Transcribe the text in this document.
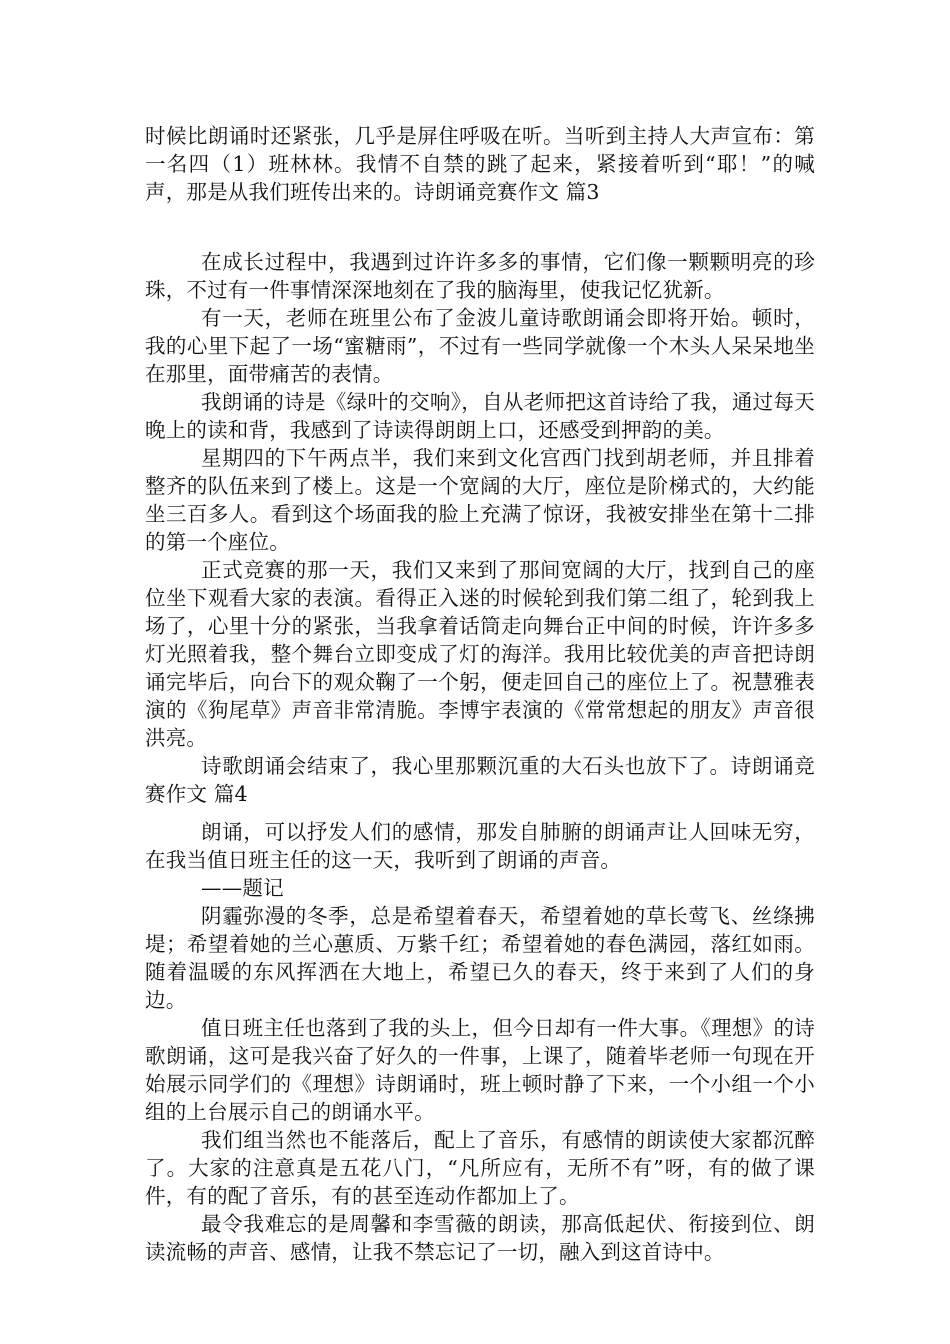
时候比朗诵时还紧张，几乎是屏住呼吸在听。当听到主持人大声宣布：第一名四（1）班林林。我情不自禁的跳了起来，紧接着听到“耶！”的喊声，那是从我们班传出来的。诗朗诵竞赛作文 篇3

在成长过程中，我遇到过许许多多的事情，它们像一颗颗明亮的珍珠，不过有一件事情深深地刻在了我的脑海里，使我记忆犹新。

有一天，老师在班里公布了金波儿童诗歌朗诵会即将开始。顿时，我的心里下起了一场“蜜糖雨”，不过有一些同学就像一个木头人呆呆地坐在那里，面带痛苦的表情。

我朗诵的诗是《绿叶的交响》，自从老师把这首诗给了我，通过每天晚上的读和背，我感到了诗读得朗朗上口，还感受到押韵的美。

星期四的下午两点半，我们来到文化宫西门找到胡老师，并且排着整齐的队伍来到了楼上。这是一个宽阔的大厅，座位是阶梯式的，大约能坐三百多人。看到这个场面我的脸上充满了惊讶，我被安排坐在第十二排的第一个座位。

正式竞赛的那一天，我们又来到了那间宽阔的大厅，找到自己的座位坐下观看大家的表演。看得正入迷的时候轮到我们第二组了，轮到我上场了，心里十分的紧张，当我拿着话筒走向舞台正中间的时候，许许多多灯光照着我，整个舞台立即变成了灯的海洋。我用比较优美的声音把诗朗诵完毕后，向台下的观众鞠了一个躬，便走回自己的座位上了。祝慧雅表演的《狗尾草》声音非常清脆。李博宇表演的《常常想起的朋友》声音很洪亮。

诗歌朗诵会结束了，我心里那颗沉重的大石头也放下了。诗朗诵竞赛作文 篇4

朗诵，可以抒发人们的感情，那发自肺腑的朗诵声让人回味无穷，在我当值日班主任的这一天，我听到了朗诵的声音。

——题记

阴霾弥漫的冬季，总是希望着春天，希望着她的草长莺飞、丝绦拂堤；希望着她的兰心蕙质、万紫千红；希望着她的春色满园，落红如雨。随着温暖的东风挥洒在大地上，希望已久的春天，终于来到了人们的身边。

值日班主任也落到了我的头上，但今日却有一件大事。《理想》的诗歌朗诵，这可是我兴奋了好久的一件事，上课了，随着毕老师一句现在开始展示同学们的《理想》诗朗诵时，班上顿时静了下来，一个小组一个小组的上台展示自己的朗诵水平。

我们组当然也不能落后，配上了音乐，有感情的朗读使大家都沉醉了。大家的注意真是五花八门，“凡所应有，无所不有”呀，有的做了课件，有的配了音乐，有的甚至连动作都加上了。

最令我难忘的是周馨和李雪薇的朗读，那高低起伏、衔接到位、朗读流畅的声音、感情，让我不禁忘记了一切，融入到这首诗中。
